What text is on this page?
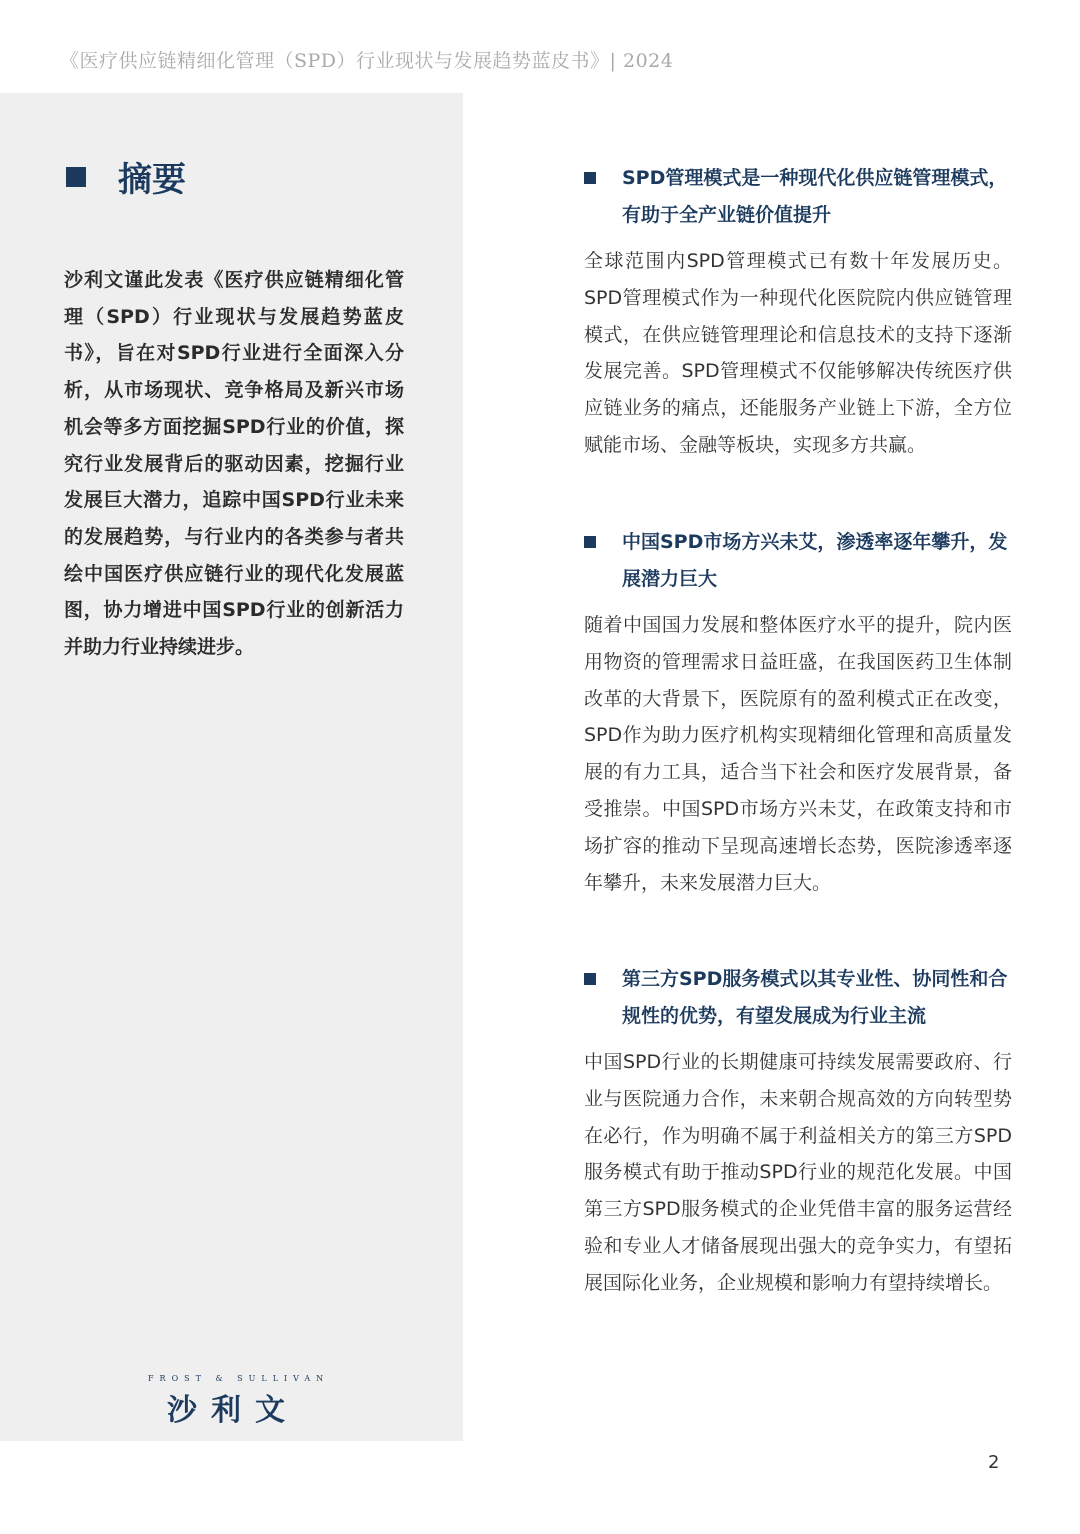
《医疗供应链精细化管理（SPD）行业现状与发展趋势蓝皮书》| 2024
摘要
沙利文谨此发表《医疗供应链精细化管理（SPD）行业现状与发展趋势蓝皮书》，旨在对SPD行业进行全面深入分析，从市场现状、竞争格局及新兴市场机会等多方面挖掘SPD行业的价值，探究行业发展背后的驱动因素，挖掘行业发展巨大潜力，追踪中国SPD行业未来的发展趋势，与行业内的各类参与者共绘中国医疗供应链行业的现代化发展蓝图，协力增进中国SPD行业的创新活力并助力行业持续进步。
FROST & SULLIVAN
沙利文
SPD管理模式是一种现代化供应链管理模式，有助于全产业链价值提升
全球范围内SPD管理模式已有数十年发展历史。SPD管理模式作为一种现代化医院院内供应链管理模式，在供应链管理理论和信息技术的支持下逐渐发展完善。SPD管理模式不仅能够解决传统医疗供应链业务的痛点，还能服务产业链上下游，全方位赋能市场、金融等板块，实现多方共赢。
中国SPD市场方兴未艾，渗透率逐年攀升，发展潜力巨大
随着中国国力发展和整体医疗水平的提升，院内医用物资的管理需求日益旺盛，在我国医药卫生体制改革的大背景下，医院原有的盈利模式正在改变，SPD作为助力医疗机构实现精细化管理和高质量发展的有力工具，适合当下社会和医疗发展背景，备受推崇。中国SPD市场方兴未艾，在政策支持和市场扩容的推动下呈现高速增长态势，医院渗透率逐年攀升，未来发展潜力巨大。
第三方SPD服务模式以其专业性、协同性和合规性的优势，有望发展成为行业主流
中国SPD行业的长期健康可持续发展需要政府、行业与医院通力合作，未来朝合规高效的方向转型势在必行，作为明确不属于利益相关方的第三方SPD服务模式有助于推动SPD行业的规范化发展。中国第三方SPD服务模式的企业凭借丰富的服务运营经验和专业人才储备展现出强大的竞争实力，有望拓展国际化业务，企业规模和影响力有望持续增长。
2
